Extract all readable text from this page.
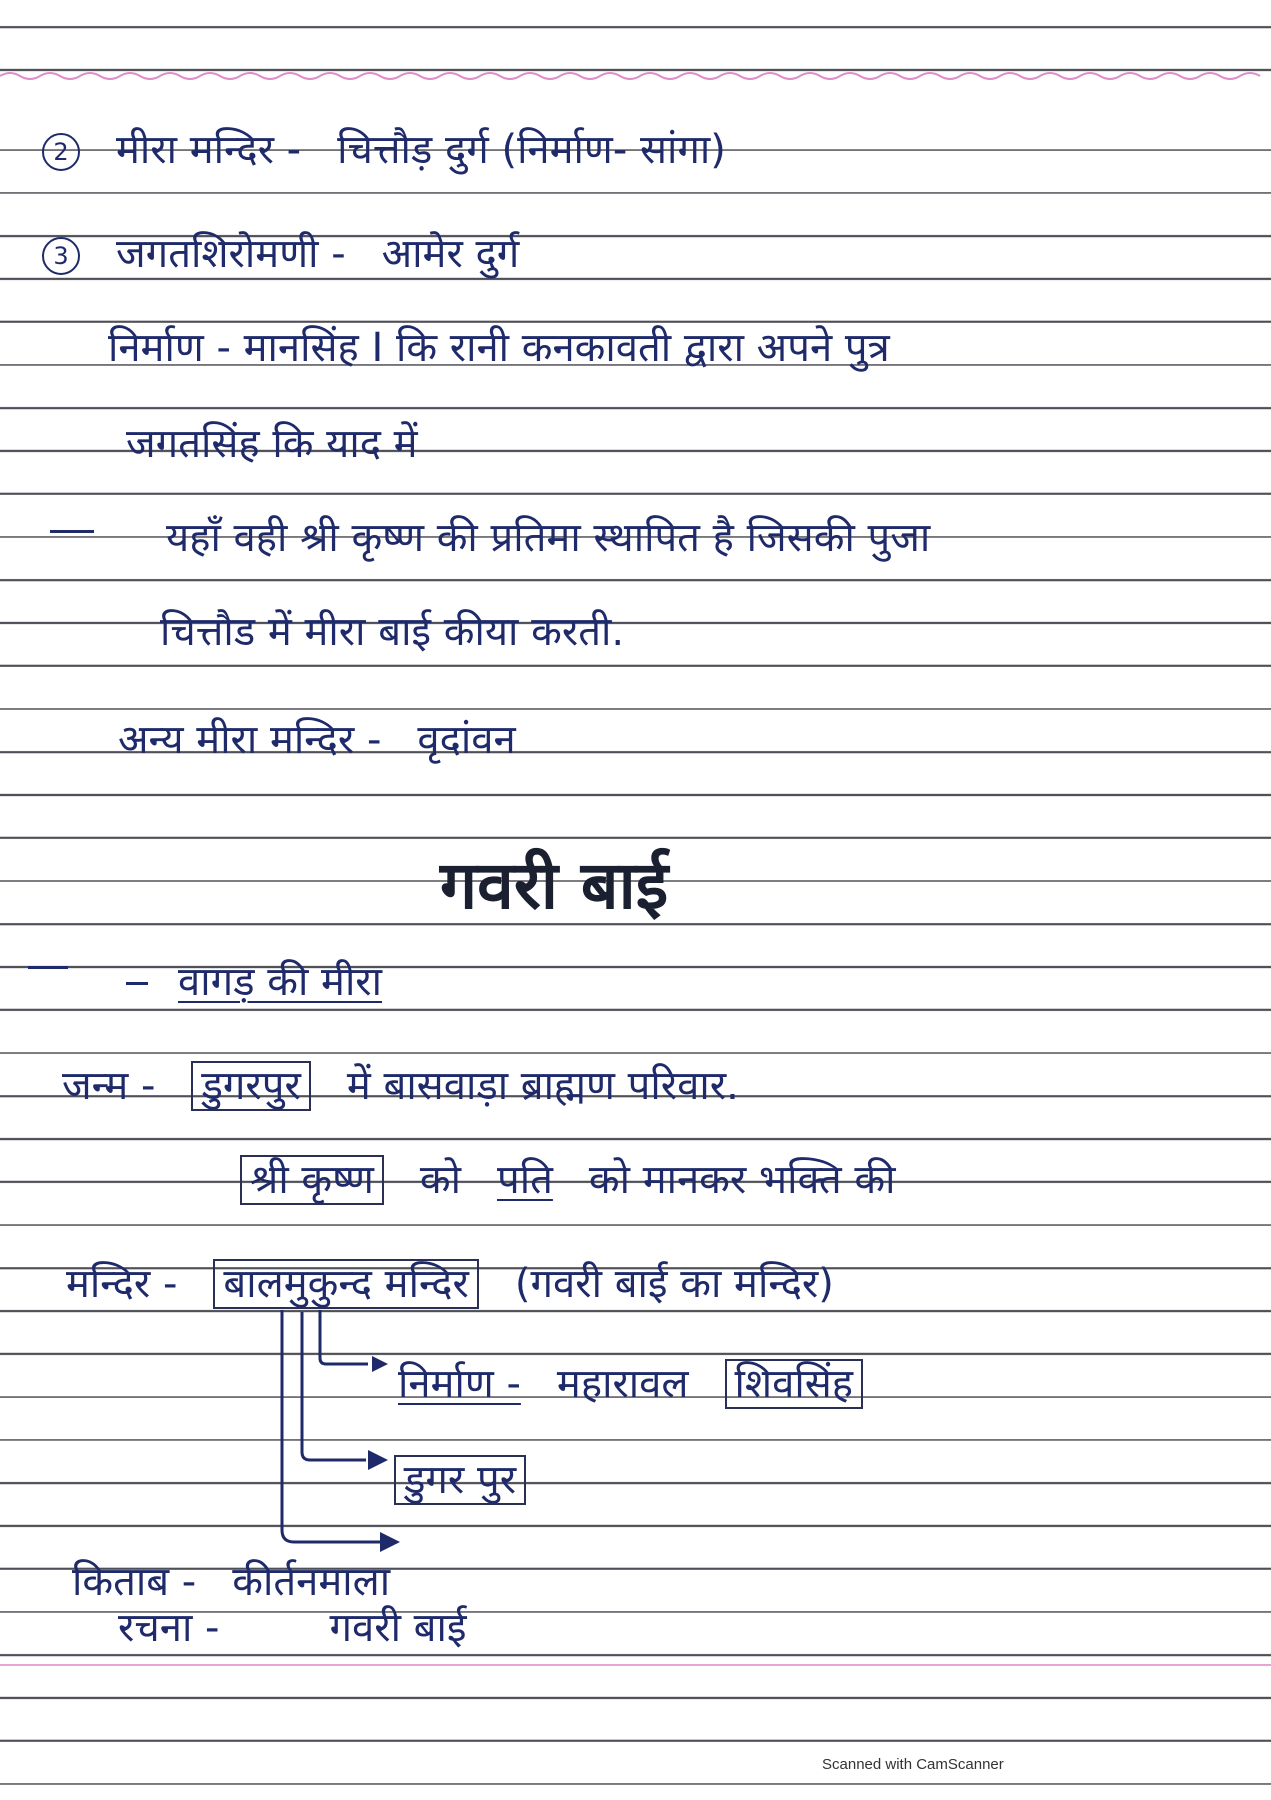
2 मीरा मन्दिर - चित्तौड़ दुर्ग (निर्माण- सांगा)
3 जगतशिरोमणी - आमेर दुर्ग
निर्माण - मानसिंह I कि रानी कनकावती द्वारा अपने पुत्र
जगतसिंह कि याद में
यहाँ वही श्री कृष्ण की प्रतिमा स्थापित है जिसकी पुजा
चित्तौड में मीरा बाई कीया करती.
अन्य मीरा मन्दिर - वृदांवन
गवरी बाई
वागड़ की मीरा
जन्म - डुगरपुर में बासवाड़ा ब्राह्मण परिवार.
श्री कृष्ण को पति को मानकर भक्ति की
मन्दिर - बालमुकुन्द मन्दिर (गवरी बाई का मन्दिर)
निर्माण - महारावल शिवसिंह
डुगर पुर
किताब - कीर्तनमाला
रचना -	गवरी बाई
Scanned with CamScanner
